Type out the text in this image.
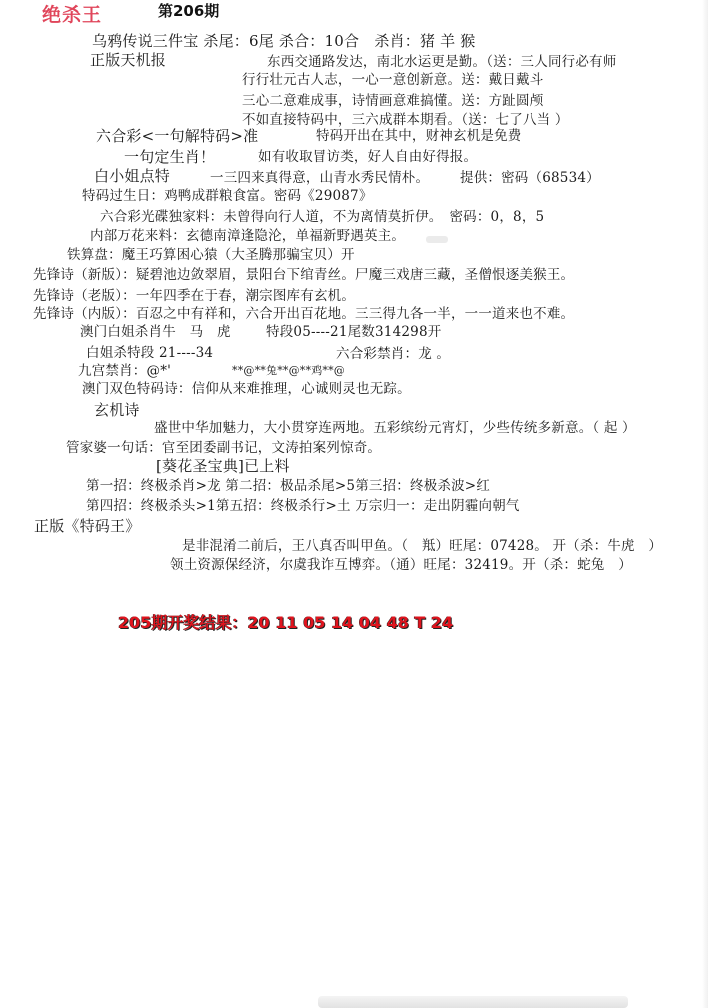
绝杀王	第206期
乌鸦传说三件宝 杀尾：6尾 杀合：10合　杀肖：猪 羊 猴
正版天机报	东西交通路发达，南北水运更是勤。（送：三人同行必有师
行行壮元古人志，一心一意创新意。送：戴日戴斗
三心二意难成事，诗情画意难搞懂。送：方趾圆颅
不如直接特码中，三六成群本期看。（送：七了八当 ）
六合彩<一句解特码>准	特码开出在其中，财神玄机是免费
一句定生肖！	如有收取冒访类，好人自由好得报。
白小姐点特	一三四来真得意，山青水秀民情朴。 提供：密码（68534）
特码过生日：鸡鸭成群粮食富。密码《29087》
六合彩光碟独家料：未曾得向行人道，不为离情莫折伊。　密码：0，8，5
内部万花来料：玄德南漳逢隐沦，单福新野遇英主。
铁算盘：魔王巧算困心猿（大圣腾那骗宝贝）开
先锋诗（新版）：疑碧池边敛翠眉，景阳台下绾青丝。尸魔三戏唐三藏，圣僧恨逐美猴王。
先锋诗（老版）：一年四季在于春，潮宗图库有玄机。
先锋诗（内版）：百忍之中有祥和，六合开出百花地。三三得九各一半，一一道来也不难。
澳门白姐杀肖牛　马　虎	特段05----21尾数314298开
白姐杀特段 21----34	六合彩禁肖：龙 。
九宫禁肖：@*'	**@**兔**@**鸡**@
澳门双色特码诗：信仰从来难推理，心诚则灵也无踪。
玄机诗
盛世中华加魅力，大小贯穿连两地。五彩缤纷元宵灯，少些传统多新意。（ 起 ）
管家婆一句话：官至团委副书记，文涛拍案列惊奇。
[葵花圣宝典]已上料
第一招：终极杀肖>龙 第二招：极品杀尾>5第三招：终极杀波>红
第四招：终极杀头>1第五招：终极杀行>土 万宗归一：走出阴霾向朝气
正版《特码王》
是非混淆二前后，王八真否叫甲鱼。（　羝）旺尾：07428。 开（杀：牛虎　）
领土资源保经济，尔虞我诈互博弈。（通）旺尾：32419。开（杀：蛇兔　）
205期开奖结果：20 11 05 14 04 48 T 24
